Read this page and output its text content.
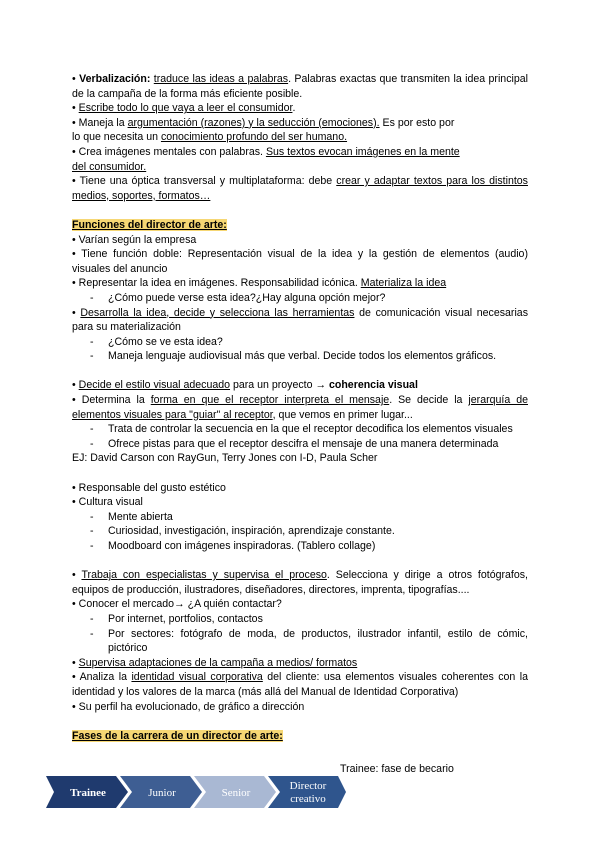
• Verbalización: traduce las ideas a palabras. Palabras exactas que transmiten la idea principal de la campaña de la forma más eficiente posible.

• Escribe todo lo que vaya a leer el consumidor.

• Maneja la argumentación (razones) y la seducción (emociones). Es por esto por
lo que necesita un conocimiento profundo del ser humano.

• Crea imágenes mentales con palabras. Sus textos evocan imágenes en la mente
del consumidor.

• Tiene una óptica transversal y multiplataforma: debe crear y adaptar textos para los distintos medios, soportes, formatos…

Funciones del director de arte:

• Varían según la empresa

• Tiene función doble: Representación visual de la idea y la gestión de elementos (audio) visuales del anuncio

• Representar la idea en imágenes. Responsabilidad icónica. Materializa la idea

- ¿Cómo puede verse esta idea?¿Hay alguna opción mejor?

• Desarrolla la idea, decide y selecciona las herramientas de comunicación visual necesarias para su materialización

- ¿Cómo se ve esta idea?

- Maneja lenguaje audiovisual más que verbal. Decide todos los elementos gráficos.

• Decide el estilo visual adecuado para un proyecto → coherencia visual

• Determina la forma en que el receptor interpreta el mensaje. Se decide la jerarquía de elementos visuales para "guiar" al receptor, que vemos en primer lugar...

- Trata de controlar la secuencia en la que el receptor decodifica los elementos visuales

- Ofrece pistas para que el receptor descifra el mensaje de una manera determinada

EJ: David Carson con RayGun, Terry Jones con I-D, Paula Scher

• Responsable del gusto estético

• Cultura visual

- Mente abierta

- Curiosidad, investigación, inspiración, aprendizaje constante.

- Moodboard con imágenes inspiradoras. (Tablero collage)

• Trabaja con especialistas y supervisa el proceso. Selecciona y dirige a otros fotógrafos, equipos de producción, ilustradores, diseñadores, directores, imprenta, tipografías....

• Conocer el mercado→ ¿A quién contactar?

- Por internet, portfolios, contactos

- Por sectores: fotógrafo de moda, de productos, ilustrador infantil, estilo de cómic, pictórico

• Supervisa adaptaciones de la campaña a medios/ formatos

• Analiza la identidad visual corporativa del cliente: usa elementos visuales coherentes con la identidad y los valores de la marca (más allá del Manual de Identidad Corporativa)

• Su perfil ha evolucionado, de gráfico a dirección

Fases de la carrera de un director de arte:

Trainee: fase de becario
Trainee	Junior	Senior
Director
creativo
